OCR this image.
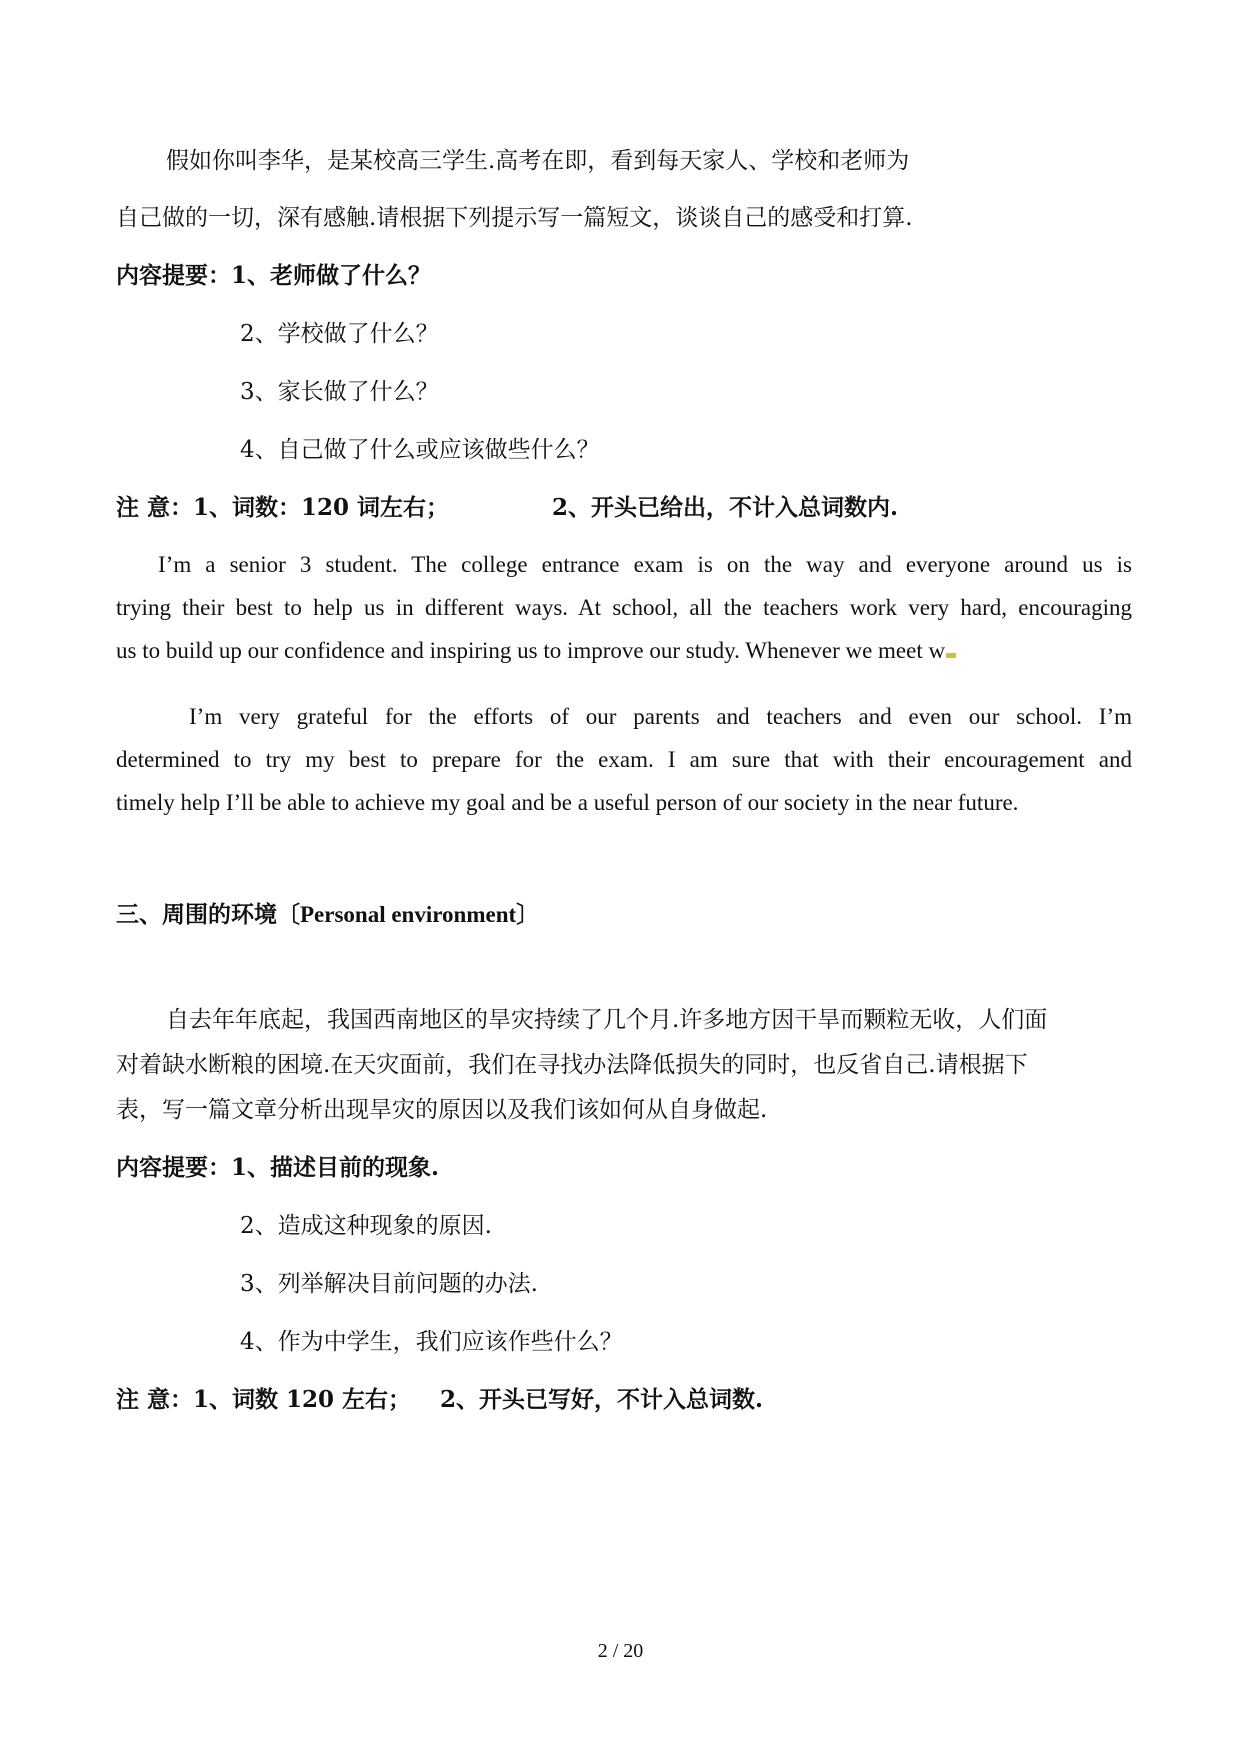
假如你叫李华，是某校高三学生.高考在即，看到每天家人、学校和老师为
自己做的一切，深有感触.请根据下列提示写一篇短文，谈谈自己的感受和打算.
内容提要：1、老师做了什么？
2、学校做了什么？
3、家长做了什么？
4、自己做了什么或应该做些什么？
注 意：1、词数：120 词左右；	2、开头已给出，不计入总词数内.
I’m a senior 3 student. The college entrance exam is on the way and everyone around us is
trying their best to help us in different ways. At school, all the teachers work very hard, encouraging
us to build up our confidence and inspiring us to improve our study. Whenever we meet w
I’m very grateful for the efforts of our parents and teachers and even our school. I’m
determined to try my best to prepare for the exam. I am sure that with their encouragement and
timely help I’ll be able to achieve my goal and be a useful person of our society in the near future.
三、周围的环境〔Personal environment〕
自去年年底起，我国西南地区的旱灾持续了几个月.许多地方因干旱而颗粒无收，人们面
对着缺水断粮的困境.在天灾面前，我们在寻找办法降低损失的同时，也反省自己.请根据下
表，写一篇文章分析出现旱灾的原因以及我们该如何从自身做起.
内容提要：1、描述目前的现象.
2、造成这种现象的原因.
3、列举解决目前问题的办法.
4、作为中学生，我们应该作些什么？
注 意：1、词数 120 左右； 2、开头已写好，不计入总词数.
2 / 20
